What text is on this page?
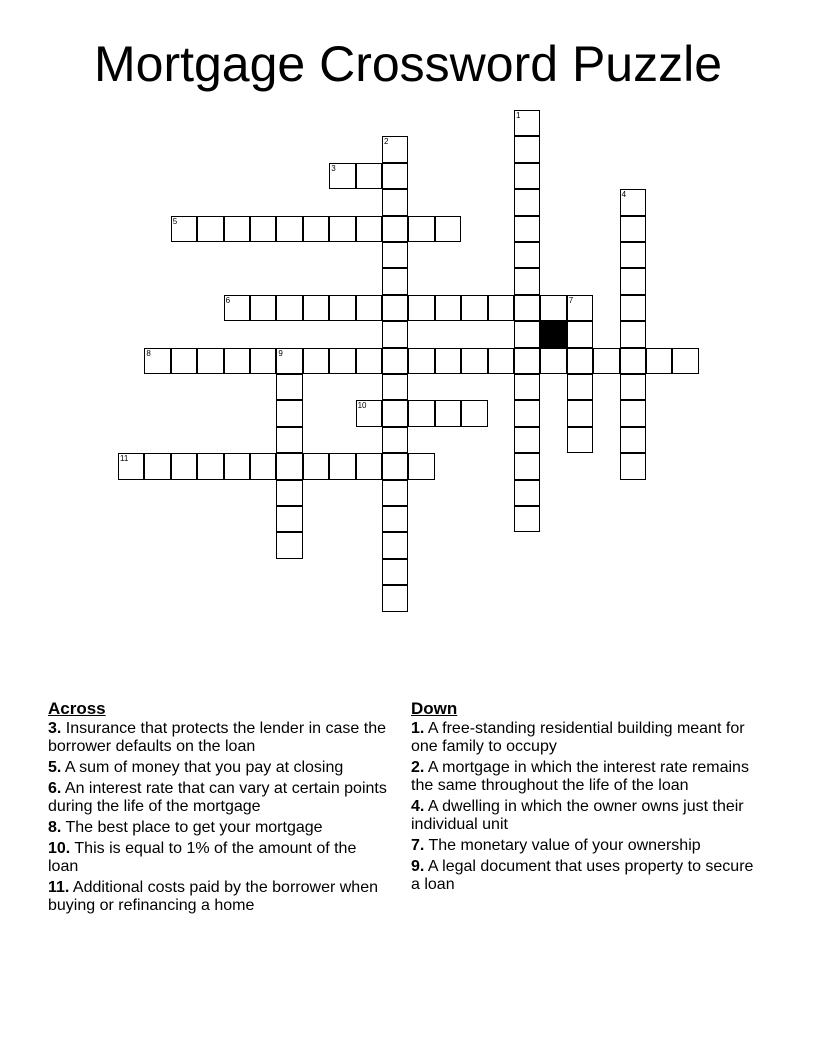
Mortgage Crossword Puzzle
3
5
6	7
8	9
10
11
1
2
4
Across
3. Insurance that protects the lender in case the borrower defaults on the loan
5. A sum of money that you pay at closing
6. An interest rate that can vary at certain points during the life of the mortgage
8. The best place to get your mortgage
10. This is equal to 1% of the amount of the loan
11. Additional costs paid by the borrower when buying or refinancing a home
Down
1. A free-standing residential building meant for one family to occupy
2. A mortgage in which the interest rate remains the same throughout the life of the loan
4. A dwelling in which the owner owns just their individual unit
7. The monetary value of your ownership
9. A legal document that uses property to secure a loan
